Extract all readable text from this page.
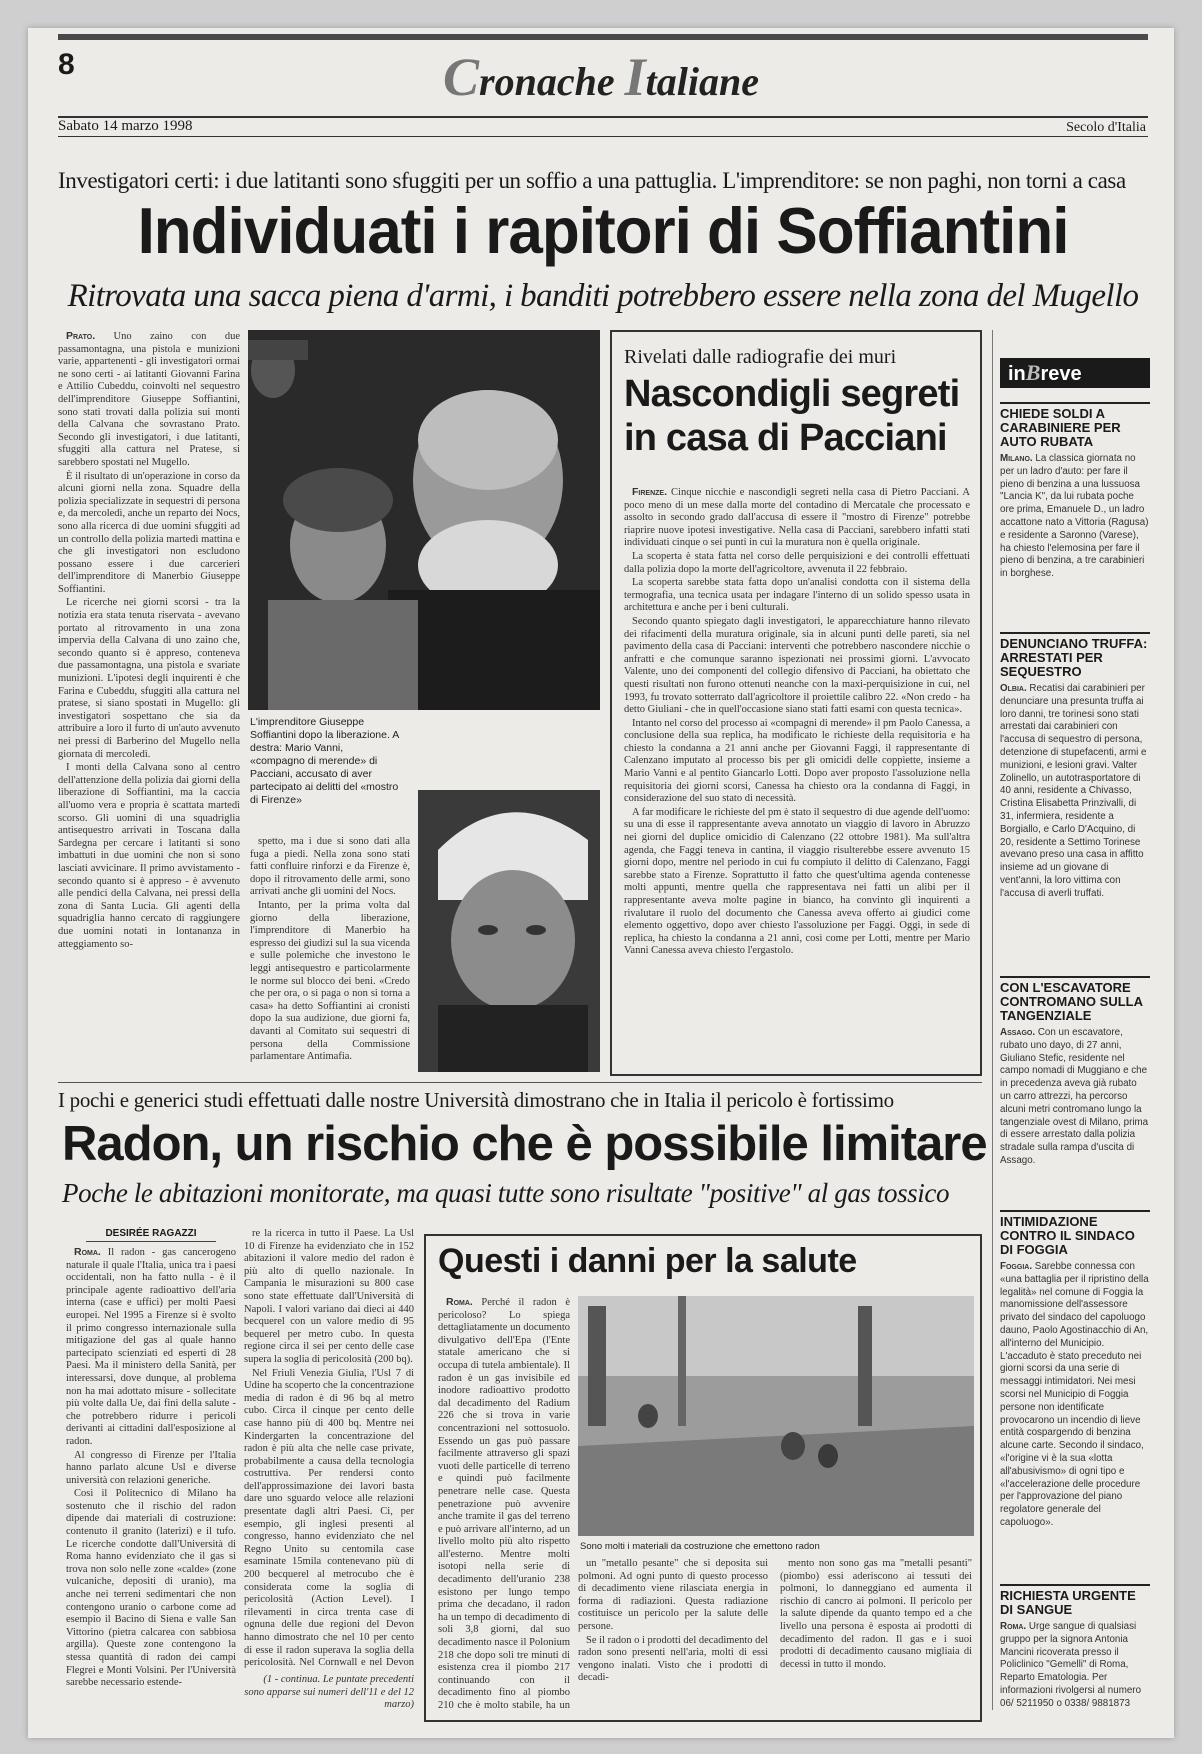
8	Cronache Italiane
Sabato 14 marzo 1998	Secolo d'Italia
Investigatori certi: i due latitanti sono sfuggiti per un soffio a una pattuglia. L'imprenditore: se non paghi, non torni a casa
Individuati i rapitori di Soffiantini
Ritrovata una sacca piena d'armi, i banditi potrebbero essere nella zona del Mugello

Prato. Uno zaino con due passamontagna, una pistola e munizioni varie, appartenenti - gli investigatori ormai ne sono certi - ai latitanti Giovanni Farina e Attilio Cubeddu, coinvolti nel sequestro dell'imprenditore Giuseppe Soffiantini, sono stati trovati dalla polizia sui monti della Calvana che sovrastano Prato. Secondo gli investigatori, i due latitanti, sfuggiti alla cattura nel Pratese, si sarebbero spostati nel Mugello.

È il risultato di un'operazione in corso da alcuni giorni nella zona. Squadre della polizia specializzate in sequestri di persona e, da mercoledì, anche un reparto dei Nocs, sono alla ricerca di due uomini sfuggiti ad un controllo della polizia martedì mattina e che gli investigatori non escludono possano essere i due carcerieri dell'imprenditore di Manerbio Giuseppe Soffiantini.

Le ricerche nei giorni scorsi - tra la notizia era stata tenuta riservata - avevano portato al ritrovamento in una zona impervia della Calvana di uno zaino che, secondo quanto si è appreso, conteneva due passamontagna, una pistola e svariate munizioni. L'ipotesi degli inquirenti è che Farina e Cubeddu, sfuggiti alla cattura nel pratese, si siano spostati in Mugello: gli investigatori sospettano che sia da attribuire a loro il furto di un'auto avvenuto nei pressi di Barberino del Mugello nella giornata di mercoledì.

I monti della Calvana sono al centro dell'attenzione della polizia dai giorni della liberazione di Soffiantini, ma la caccia all'uomo vera e propria è scattata martedì scorso. Gli uomini di una squadriglia antisequestro arrivati in Toscana dalla Sardegna per cercare i latitanti si sono imbattuti in due uomini che non si sono lasciati avvicinare. Il primo avvistamento - secondo quanto si è appreso - è avvenuto alle pendici della Calvana, nei pressi della zona di Santa Lucia. Gli agenti della squadriglia hanno cercato di raggiungere due uomini notati in lontananza in atteggiamento so-

L'imprenditore Giuseppe Soffiantini dopo la liberazione. A destra: Mario Vanni, «compagno di merende» di Pacciani, accusato di aver partecipato ai delitti del «mostro di Firenze»

spetto, ma i due si sono dati alla fuga a piedi. Nella zona sono stati fatti confluire rinforzi e da Firenze è, dopo il ritrovamento delle armi, sono arrivati anche gli uomini del Nocs.

Intanto, per la prima volta dal giorno della liberazione, l'imprenditore di Manerbio ha espresso dei giudizi sul la sua vicenda e sulle polemiche che investono le leggi antisequestro e particolarmente le norme sul blocco dei beni. «Credo che per ora, o si paga o non si torna a casa» ha detto Soffiantini ai cronisti dopo la sua audizione, due giorni fa, davanti al Comitato sui sequestri di persona della Commissione parlamentare Antimafia.

Rivelati dalle radiografie dei muri
Nascondigli segreti in casa di Pacciani

Firenze. Cinque nicchie e nascondigli segreti nella casa di Pietro Pacciani. A poco meno di un mese dalla morte del contadino di Mercatale che processato e assolto in secondo grado dall'accusa di essere il "mostro di Firenze" potrebbe riaprire nuove ipotesi investigative. Nella casa di Pacciani, sarebbero infatti stati individuati cinque o sei punti in cui la muratura non è quella originale.

La scoperta è stata fatta nel corso delle perquisizioni e dei controlli effettuati dalla polizia dopo la morte dell'agricoltore, avvenuta il 22 febbraio.

La scoperta sarebbe stata fatta dopo un'analisi condotta con il sistema della termografia, una tecnica usata per indagare l'interno di un solido spesso usata in architettura e anche per i beni culturali.

Secondo quanto spiegato dagli investigatori, le apparecchiature hanno rilevato dei rifacimenti della muratura originale, sia in alcuni punti delle pareti, sia nel pavimento della casa di Pacciani: interventi che potrebbero nascondere nicchie o anfratti e che comunque saranno ispezionati nei prossimi giorni. L'avvocato Valente, uno dei componenti del collegio difensivo di Pacciani, ha obiettato che questi risultati non furono ottenuti neanche con la maxi-perquisizione in cui, nel 1993, fu trovato sotterrato dall'agricoltore il proiettile calibro 22. «Non credo - ha detto Giuliani - che in quell'occasione siano stati fatti esami con questa tecnica».

Intanto nel corso del processo ai «compagni di merende» il pm Paolo Canessa, a conclusione della sua replica, ha modificato le richieste della requisitoria e ha chiesto la condanna a 21 anni anche per Giovanni Faggi, il rappresentante di Calenzano imputato al processo bis per gli omicidi delle coppiette, insieme a Mario Vanni e al pentito Giancarlo Lotti. Dopo aver proposto l'assoluzione nella requisitoria dei giorni scorsi, Canessa ha chiesto ora la condanna di Faggi, in considerazione del suo stato di necessità.

A far modificare le richieste del pm è stato il sequestro di due agende dell'uomo: su una di esse il rappresentante aveva annotato un viaggio di lavoro in Abruzzo nei giorni del duplice omicidio di Calenzano (22 ottobre 1981). Ma sull'altra agenda, che Faggi teneva in cantina, il viaggio risulterebbe essere avvenuto 15 giorni dopo, mentre nel periodo in cui fu compiuto il delitto di Calenzano, Faggi sarebbe stato a Firenze. Soprattutto il fatto che quest'ultima agenda contenesse molti appunti, mentre quella che rappresentava nei fatti un alibi per il rappresentante aveva molte pagine in bianco, ha convinto gli inquirenti a rivalutare il ruolo del documento che Canessa aveva offerto ai giudici come elemento oggettivo, dopo aver chiesto l'assoluzione per Faggi. Oggi, in sede di replica, ha chiesto la condanna a 21 anni, così come per Lotti, mentre per Mario Vanni Canessa aveva chiesto l'ergastolo.

inBreve
CHIEDE SOLDI A CARABINIERE PER AUTO RUBATA
Milano. La classica giornata no per un ladro d'auto: per fare il pieno di benzina a una lussuosa "Lancia K", da lui rubata poche ore prima, Emanuele D., un ladro accattone nato a Vittoria (Ragusa) e residente a Saronno (Varese), ha chiesto l'elemosina per fare il pieno di benzina, a tre carabinieri in borghese.
DENUNCIANO TRUFFA: ARRESTATI PER SEQUESTRO
Olbia. Recatisi dai carabinieri per denunciare una presunta truffa ai loro danni, tre torinesi sono stati arrestati dai carabinieri con l'accusa di sequestro di persona, detenzione di stupefacenti, armi e munizioni, e lesioni gravi. Valter Zolinello, un autotrasportatore di 40 anni, residente a Chivasso, Cristina Elisabetta Prinzivalli, di 31, infermiera, residente a Borgiallo, e Carlo D'Acquino, di 20, residente a Settimo Torinese avevano preso una casa in affitto insieme ad un giovane di vent'anni, la loro vittima con l'accusa di averli truffati.
CON L'ESCAVATORE CONTROMANO SULLA TANGENZIALE
Assago. Con un escavatore, rubato uno dayo, di 27 anni, Giuliano Stefic, residente nel campo nomadi di Muggiano e che in precedenza aveva già rubato un carro attrezzi, ha percorso alcuni metri contromano lungo la tangenziale ovest di Milano, prima di essere arrestato dalla polizia stradale sulla rampa d'uscita di Assago.
INTIMIDAZIONE CONTRO IL SINDACO DI FOGGIA
Foggia. Sarebbe connessa con «una battaglia per il ripristino della legalità» nel comune di Foggia la manomissione dell'assessore privato del sindaco del capoluogo dauno, Paolo Agostinacchio di An, all'interno del Municipio. L'accaduto è stato preceduto nei giorni scorsi da una serie di messaggi intimidatori. Nei mesi scorsi nel Municipio di Foggia persone non identificate provocarono un incendio di lieve entità cospargendo di benzina alcune carte. Secondo il sindaco, «l'origine vi è la sua «lotta all'abusivismo» di ogni tipo e «l'accelerazione delle procedure per l'approvazione del piano regolatore generale del capoluogo».
RICHIESTA URGENTE DI SANGUE
Roma. Urge sangue di qualsiasi gruppo per la signora Antonia Mancini ricoverata presso il Policlinico "Gemelli" di Roma, Reparto Ematologia. Per informazioni rivolgersi al numero 06/ 5211950 o 0338/ 9881873
I pochi e generici studi effettuati dalle nostre Università dimostrano che in Italia il pericolo è fortissimo
Radon, un rischio che è possibile limitare
Poche le abitazioni monitorate, ma quasi tutte sono risultate "positive" al gas tossico
DESIRÉE RAGAZZI

Roma. Il radon - gas cancerogeno naturale il quale l'Italia, unica tra i paesi occidentali, non ha fatto nulla - è il principale agente radioattivo dell'aria interna (case e uffici) per molti Paesi europei. Nel 1995 a Firenze si è svolto il primo congresso internazionale sulla mitigazione del gas al quale hanno partecipato scienziati ed esperti di 28 Paesi. Ma il ministero della Sanità, per interessarsi, dove dunque, al problema non ha mai adottato misure - sollecitate più volte dalla Ue, dai fini della salute - che potrebbero ridurre i pericoli derivanti ai cittadini dall'esposizione al radon.

Al congresso di Firenze per l'Italia hanno parlato alcune Usl e diverse università con relazioni generiche.

Così il Politecnico di Milano ha sostenuto che il rischio del radon dipende dai materiali di costruzione: contenuto il granito (laterizi) e il tufo. Le ricerche condotte dall'Università di Roma hanno evidenziato che il gas si trova non solo nelle zone «calde» (zone vulcaniche, depositi di uranio), ma anche nei terreni sedimentari che non contengono uranio o carbone come ad esempio il Bacino di Siena e valle San Vittorino (pietra calcarea con sabbiosa argilla). Queste zone contengono la stessa quantità di radon dei campi Flegrei e Monti Volsini. Per l'Università sarebbe necessario estende-

re la ricerca in tutto il Paese. La Usl 10 di Firenze ha evidenziato che in 152 abitazioni il valore medio del radon è più alto di quello nazionale. In Campania le misurazioni su 800 case sono state effettuate dall'Università di Napoli. I valori variano dai dieci ai 440 becquerel con un valore medio di 95 bequerel per metro cubo. In questa regione circa il sei per cento delle case supera la soglia di pericolosità (200 bq).

Nel Friuli Venezia Giulia, l'Usl 7 di Udine ha scoperto che la concentrazione media di radon è di 96 bq al metro cubo. Circa il cinque per cento delle case hanno più di 400 bq. Mentre nei Kindergarten la concentrazione del radon è più alta che nelle case private, probabilmente a causa della tecnologia costruttiva. Per rendersi conto dell'approssimazione dei lavori basta dare uno sguardo veloce alle relazioni presentate dagli altri Paesi. Ci, per esempio, gli inglesi presenti al congresso, hanno evidenziato che nel Regno Unito su centomila case esaminate 15mila contenevano più di 200 becquerel al metrocubo che è considerata come la soglia di pericolosità (Action Level). I rilevamenti in circa trenta case di ognuna delle due regioni del Devon hanno dimostrato che nel 10 per cento di esse il radon superava la soglia della pericolosità. Nel Cornwall e nel Devon

(1 - continua. Le puntate precedenti sono apparse sui numeri dell'11 e del 12 marzo)
Questi i danni per la salute

Roma. Perché il radon è pericoloso? Lo spiega dettagliatamente un documento divulgativo dell'Epa (l'Ente statale americano che si occupa di tutela ambientale). Il radon è un gas invisibile ed inodore radioattivo prodotto dal decadimento del Radium 226 che si trova in varie concentrazioni nel sottosuolo. Essendo un gas può passare facilmente attraverso gli spazi vuoti delle particelle di terreno e quindi può facilmente penetrare nelle case. Questa penetrazione può avvenire anche tramite il gas del terreno e può arrivare all'interno, ad un livello molto più alto rispetto all'esterno. Mentre molti isotopi nella serie di decadimento dell'uranio 238 esistono per lungo tempo prima che decadano, il radon ha un tempo di decadimento di soli 3,8 giorni, dal suo decadimento nasce il Polonium 218 che dopo soli tre minuti di esistenza crea il piombo 217 continuando con il decadimento fino al piombo 210 che è molto stabile, ha un

Sono molti i materiali da costruzione che emettono radon

un "metallo pesante" che si deposita sui polmoni. Ad ogni punto di questo processo di decadimento viene rilasciata energia in forma di radiazioni. Questa radiazione costituisce un pericolo per la salute delle persone.

Se il radon o i prodotti del decadimento del radon sono presenti nell'aria, molti di essi vengono inalati. Visto che i prodotti di decadi-

mento non sono gas ma "metalli pesanti" (piombo) essi aderiscono ai tessuti dei polmoni, lo danneggiano ed aumenta il rischio di cancro ai polmoni. Il pericolo per la salute dipende da quanto tempo ed a che livello una persona è esposta ai prodotti di decadimento del radon. Il gas e i suoi prodotti di decadimento causano migliaia di decessi in tutto il mondo.
